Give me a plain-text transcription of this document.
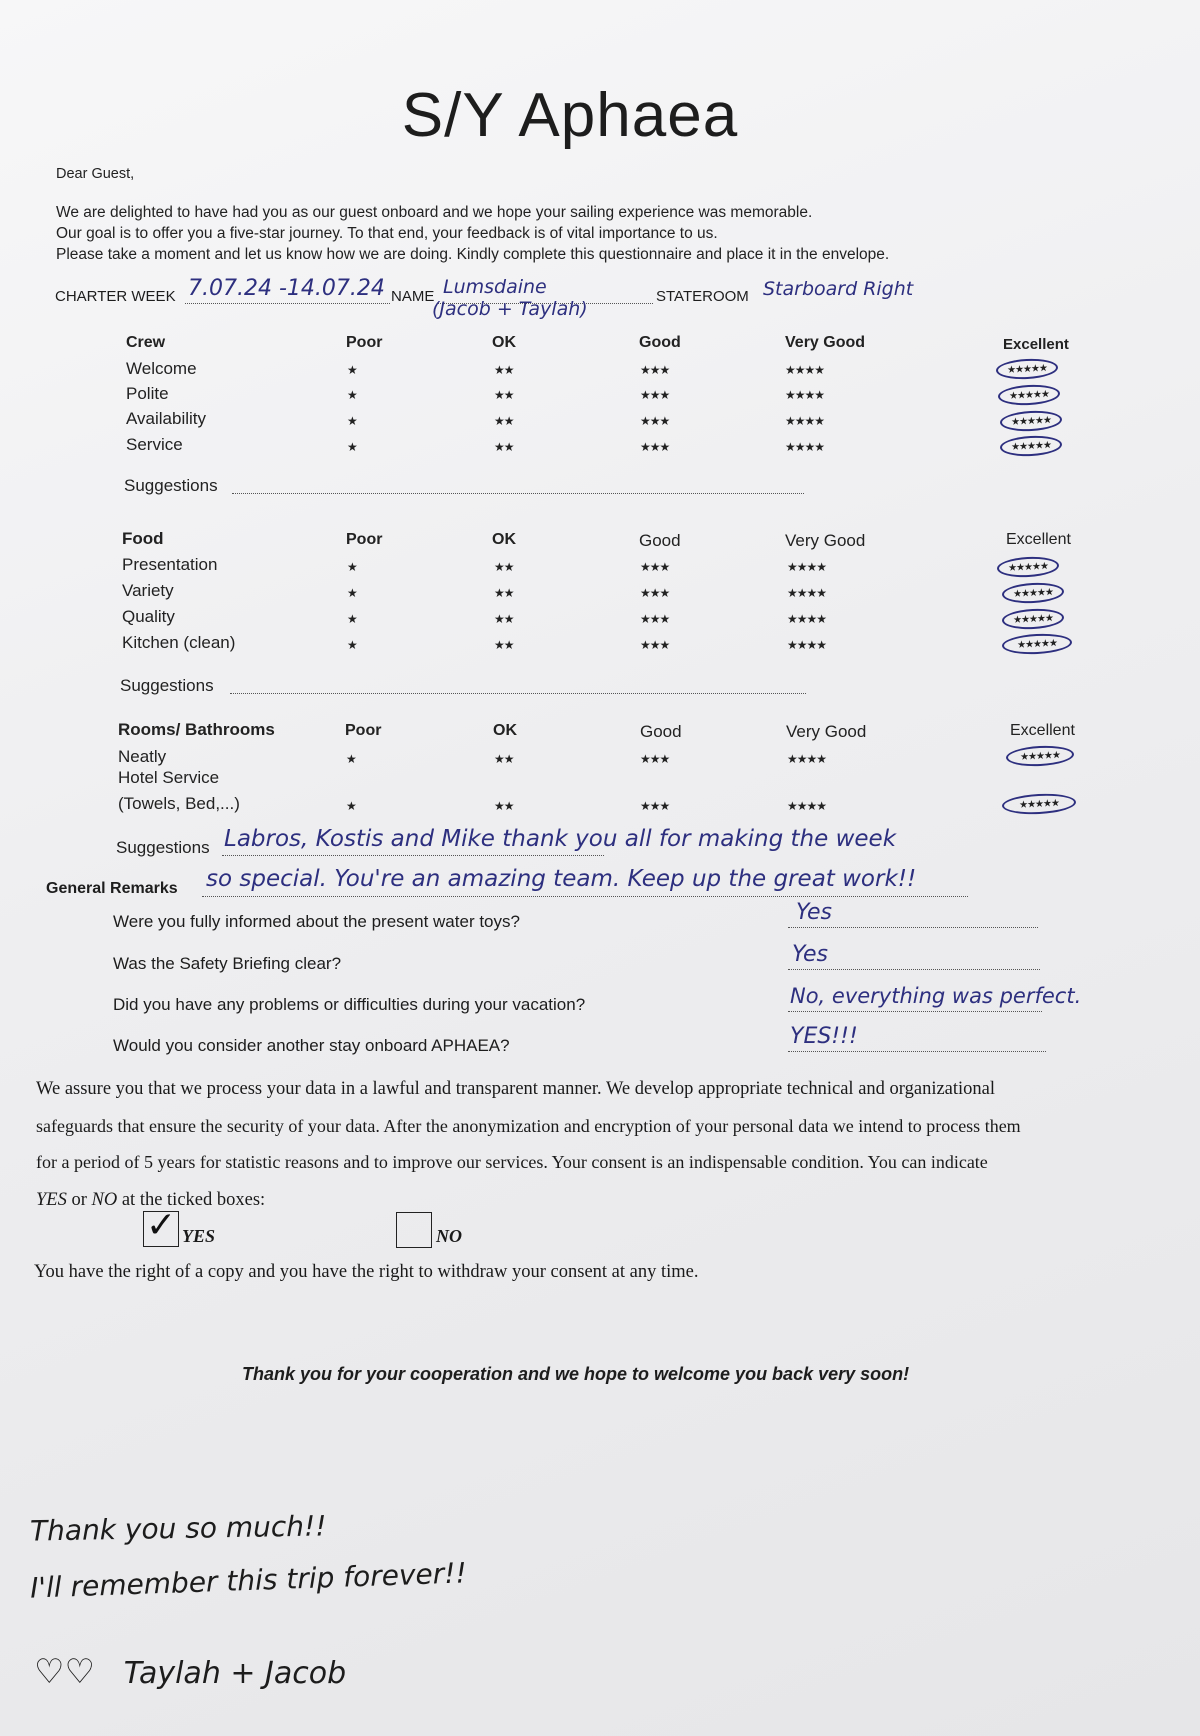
S/Y Aphaea
Dear Guest,
We are delighted to have had you as our guest onboard and we hope your sailing experience was memorable.
Our goal is to offer you a five-star journey. To that end, your feedback is of vital importance to us.
Please take a moment and let us know how we are doing. Kindly complete this questionnaire and place it in the envelope.
CHARTER WEEK 7.07.24 -14.07.24 NAME Lumsdaine
(Jacob + Taylah)
STATEROOM Starboard Right
Crew	Poor	OK	Good	Very Good	Excellent
Welcome	★	★★	★★★	★★★★	★★★★★
Polite	★	★★	★★★	★★★★	★★★★★
Availability	★	★★	★★★	★★★★	★★★★★
Service	★	★★	★★★	★★★★	★★★★★
Suggestions
Food	Poor	OK	Good	Very Good	Excellent
Presentation	★	★★	★★★	★★★★	★★★★★
Variety	★	★★	★★★	★★★★	★★★★★
Quality	★	★★	★★★	★★★★	★★★★★
Kitchen (clean)	★	★★	★★★	★★★★	★★★★★
Suggestions
Rooms/ Bathrooms	Poor	OK	Good	Very Good	Excellent
Neatly	★	★★	★★★	★★★★	★★★★★
Hotel Service
(Towels, Bed,...)	★	★★	★★★	★★★★	★★★★★
Suggestions Labros, Kostis and Mike thank you all for making the week
General Remarks so special. You're an amazing team. Keep up the great work!!
Were you fully informed about the present water toys?	Yes
Was the Safety Briefing clear?	Yes
Did you have any problems or difficulties during your vacation?	No, everything was perfect.
Would you consider another stay onboard APHAEA?	YES!!!
We assure you that we process your data in a lawful and transparent manner. We develop appropriate technical and organizational
safeguards that ensure the security of your data. After the anonymization and encryption of your personal data we intend to process them
for a period of 5 years for statistic reasons and to improve our services. Your consent is an indispensable condition. You can indicate
YES or NO at the ticked boxes:
✓ YES	NO
You have the right of a copy and you have the right to withdraw your consent at any time.
Thank you for your cooperation and we hope to welcome you back very soon!
Thank you so much!!
I'll remember this trip forever!!
♡♡ Taylah + Jacob
